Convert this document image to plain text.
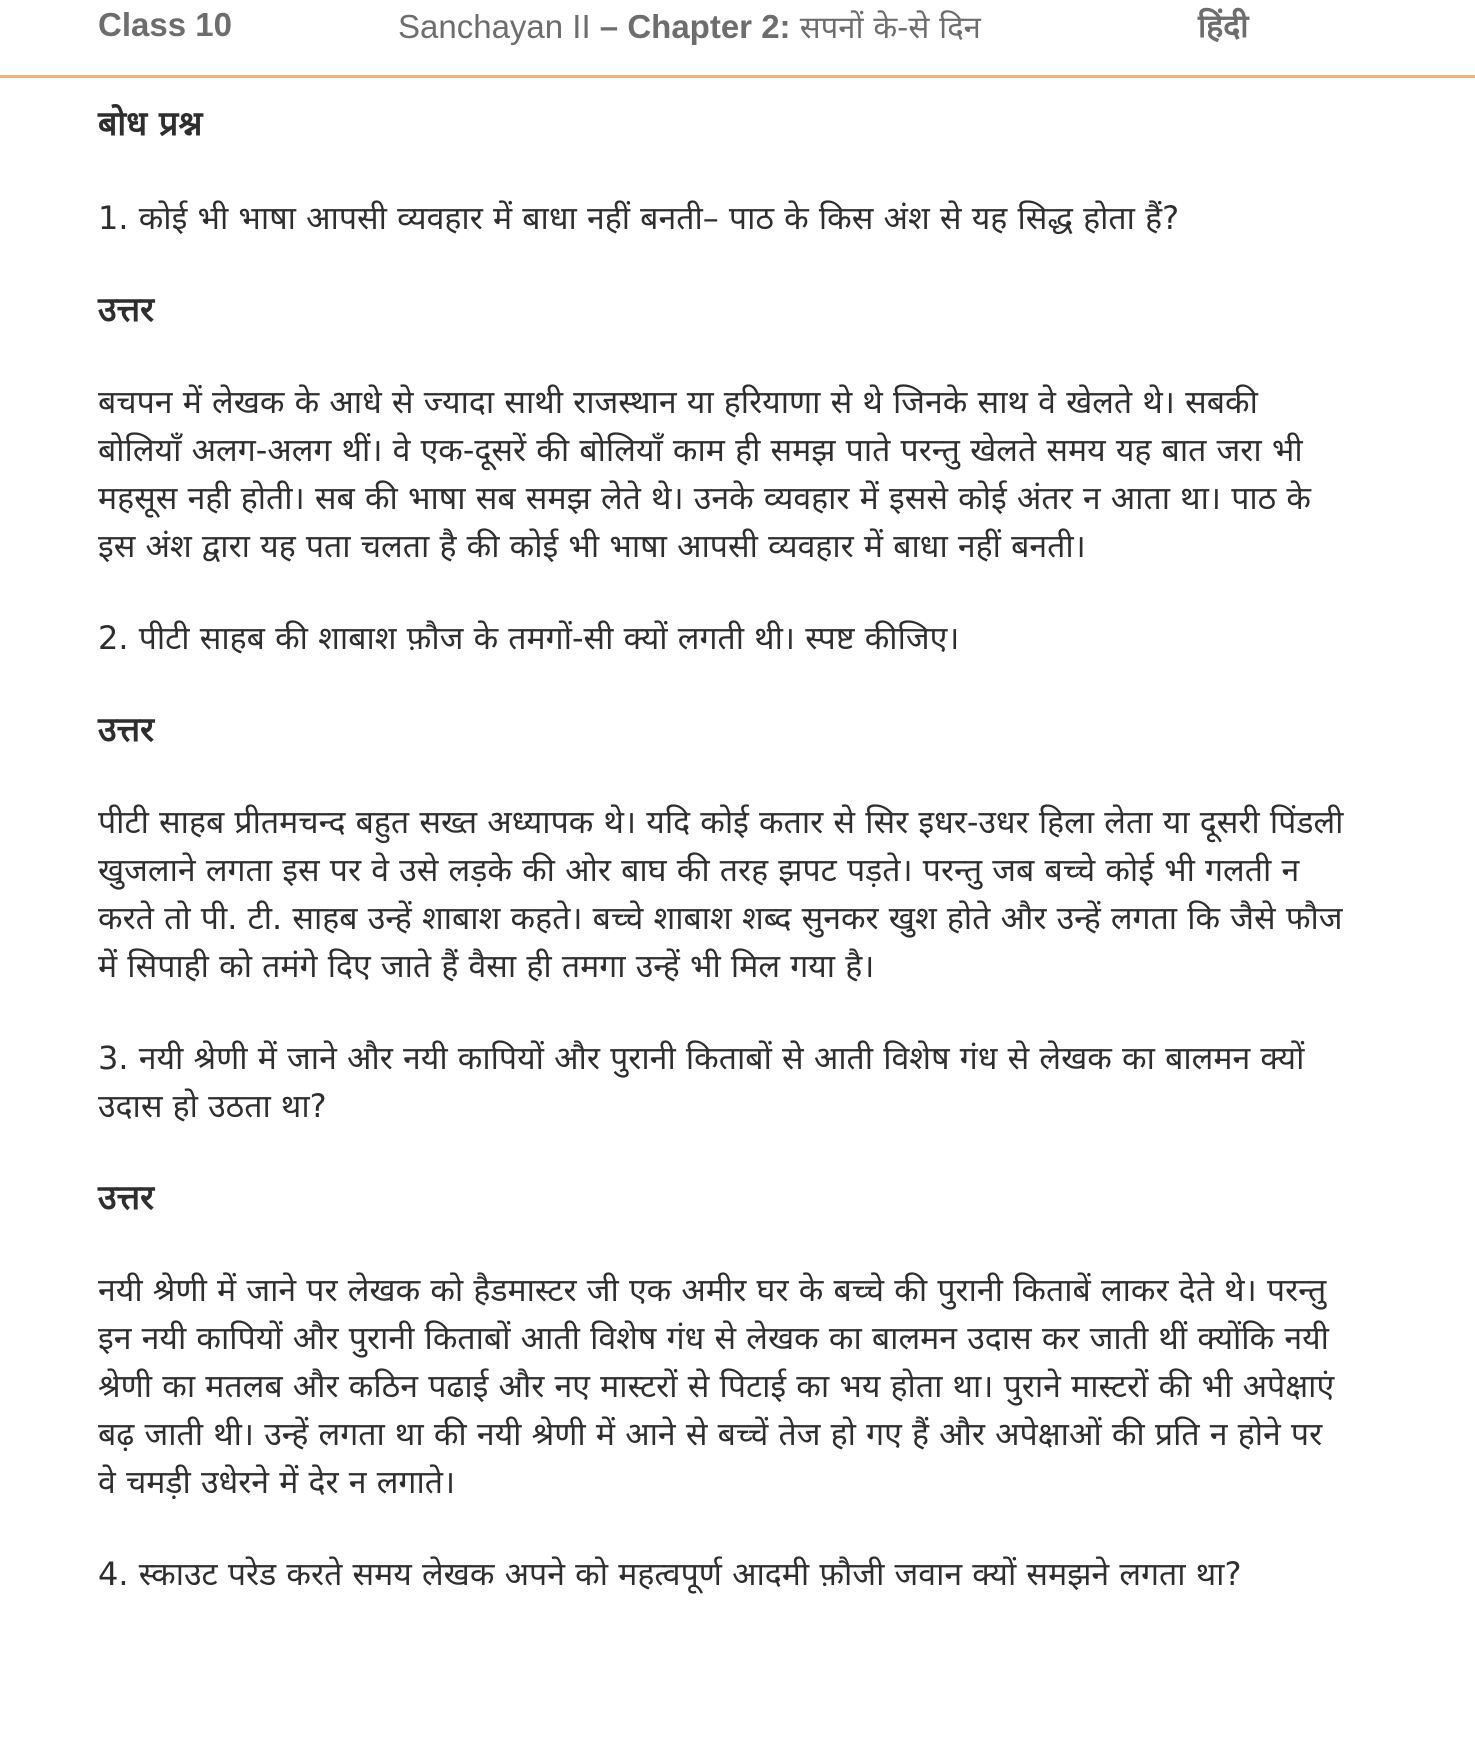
Class 10	Sanchayan II – Chapter 2: सपनों के-से दिन	हिंदी

बोध प्रश्न

1. कोई भी भाषा आपसी व्यवहार में बाधा नहीं बनती– पाठ के किस अंश से यह सिद्ध होता हैं?

उत्तर

बचपन में लेखक के आधे से ज्यादा साथी राजस्थान या हरियाणा से थे जिनके साथ वे खेलते थे। सबकी बोलियाँ अलग-अलग थीं। वे एक-दूसरें की बोलियाँ काम ही समझ पाते परन्तु खेलते समय यह बात जरा भी महसूस नही होती। सब की भाषा सब समझ लेते थे। उनके व्यवहार में इससे कोई अंतर न आता था। पाठ के इस अंश द्वारा यह पता चलता है की कोई भी भाषा आपसी व्यवहार में बाधा नहीं बनती।

2. पीटी साहब की शाबाश फ़ौज के तमगों-सी क्यों लगती थी। स्पष्ट कीजिए।

उत्तर

पीटी साहब प्रीतमचन्द बहुत सख्त अध्यापक थे। यदि कोई कतार से सिर इधर-उधर हिला लेता या दूसरी पिंडली खुजलाने लगता इस पर वे उसे लड़के की ओर बाघ की तरह झपट पड़ते। परन्तु जब बच्चे कोई भी गलती न करते तो पी. टी. साहब उन्हें शाबाश कहते। बच्चे शाबाश शब्द सुनकर खुश होते और उन्हें लगता कि जैसे फौज में सिपाही को तमंगे दिए जाते हैं वैसा ही तमगा उन्हें भी मिल गया है।

3. नयी श्रेणी में जाने और नयी कापियों और पुरानी किताबों से आती विशेष गंध से लेखक का बालमन क्यों उदास हो उठता था?

उत्तर

नयी श्रेणी में जाने पर लेखक को हैडमास्टर जी एक अमीर घर के बच्चे की पुरानी किताबें लाकर देते थे। परन्तु इन नयी कापियों और पुरानी किताबों आती विशेष गंध से लेखक का बालमन उदास कर जाती थीं क्योंकि नयी श्रेणी का मतलब और कठिन पढाई और नए मास्टरों से पिटाई का भय होता था। पुराने मास्टरों की भी अपेक्षाएं बढ़ जाती थी। उन्हें लगता था की नयी श्रेणी में आने से बच्चें तेज हो गए हैं और अपेक्षाओं की प्रति न होने पर वे चमड़ी उधेरने में देर न लगाते।

4. स्काउट परेड करते समय लेखक अपने को महत्वपूर्ण आदमी फ़ौजी जवान क्यों समझने लगता था?
